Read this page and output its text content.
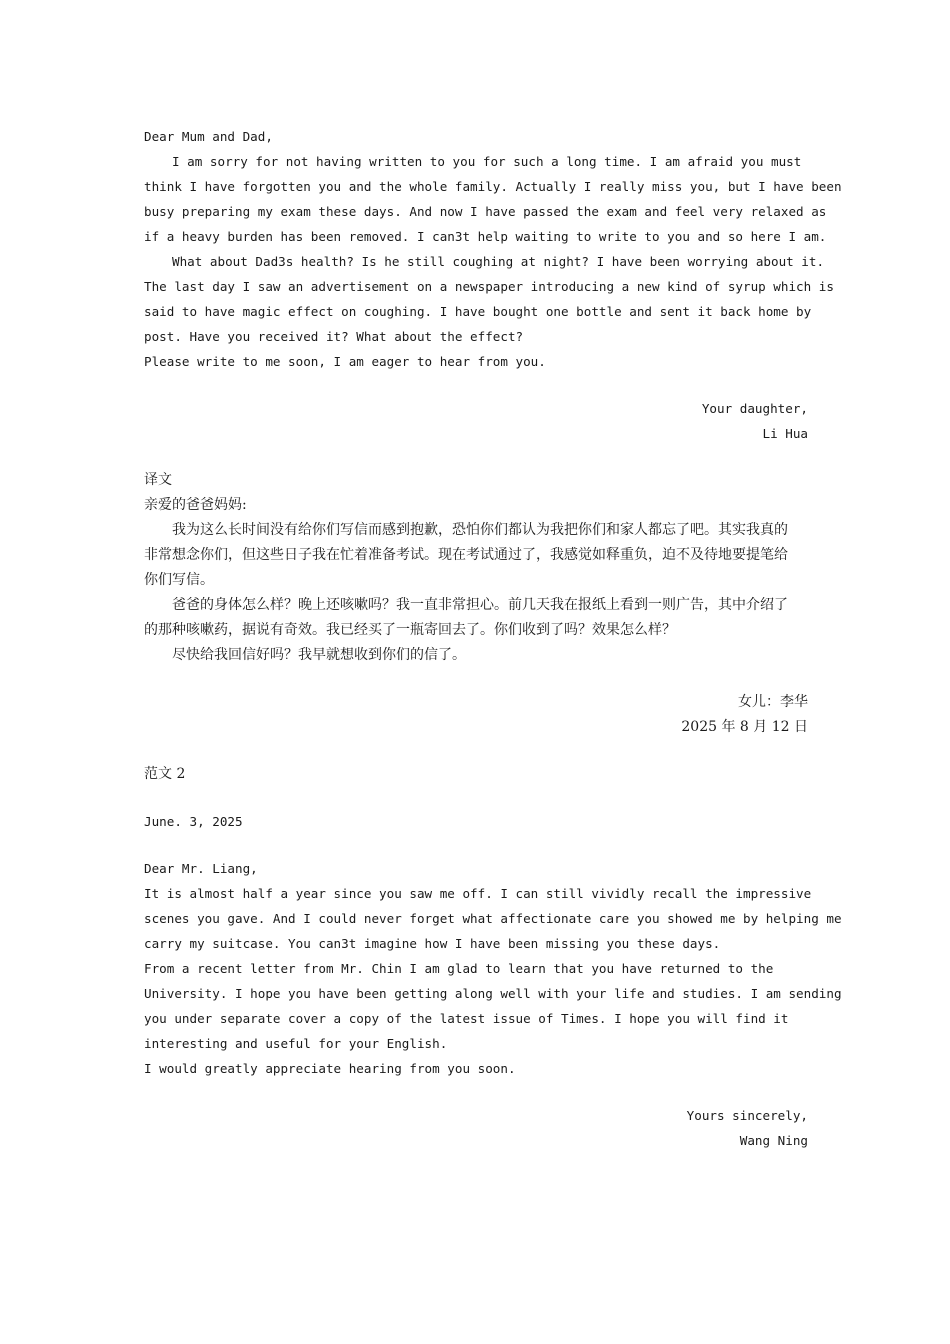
Dear Mum and Dad,
I am sorry for not having written to you for such a long time. I am afraid you must
think I have forgotten you and the whole family. Actually I really miss you, but I have been
busy preparing my exam these days. And now I have passed the exam and feel very relaxed as
if a heavy burden has been removed. I can3t help waiting to write to you and so here I am.
What about Dad3s health? Is he still coughing at night? I have been worrying about it.
The last day I saw an advertisement on a newspaper introducing a new kind of syrup which is
said to have magic effect on coughing. I have bought one bottle and sent it back home by
post. Have you received it? What about the effect?
Please write to me soon, I am eager to hear from you.
Your daughter,
Li Hua
译文
亲爱的爸爸妈妈:
我为这么长时间没有给你们写信而感到抱歉，恐怕你们都认为我把你们和家人都忘了吧。其实我真的
非常想念你们，但这些日子我在忙着准备考试。现在考试通过了，我感觉如释重负，迫不及待地要提笔给
你们写信。
爸爸的身体怎么样？晚上还咳嗽吗？我一直非常担心。前几天我在报纸上看到一则广告，其中介绍了
的那种咳嗽药，据说有奇效。我已经买了一瓶寄回去了。你们收到了吗？效果怎么样？
尽快给我回信好吗？我早就想收到你们的信了。
女儿：李华
2025 年 8 月 12 日
范文 2
June. 3, 2025
Dear Mr. Liang,
It is almost half a year since you saw me off. I can still vividly recall the impressive
scenes you gave. And I could never forget what affectionate care you showed me by helping me
carry my suitcase. You can3t imagine how I have been missing you these days.
From a recent letter from Mr. Chin I am glad to learn that you have returned to the
University. I hope you have been getting along well with your life and studies. I am sending
you under separate cover a copy of the latest issue of Times. I hope you will find it
interesting and useful for your English.
I would greatly appreciate hearing from you soon.
Yours sincerely,
Wang Ning
